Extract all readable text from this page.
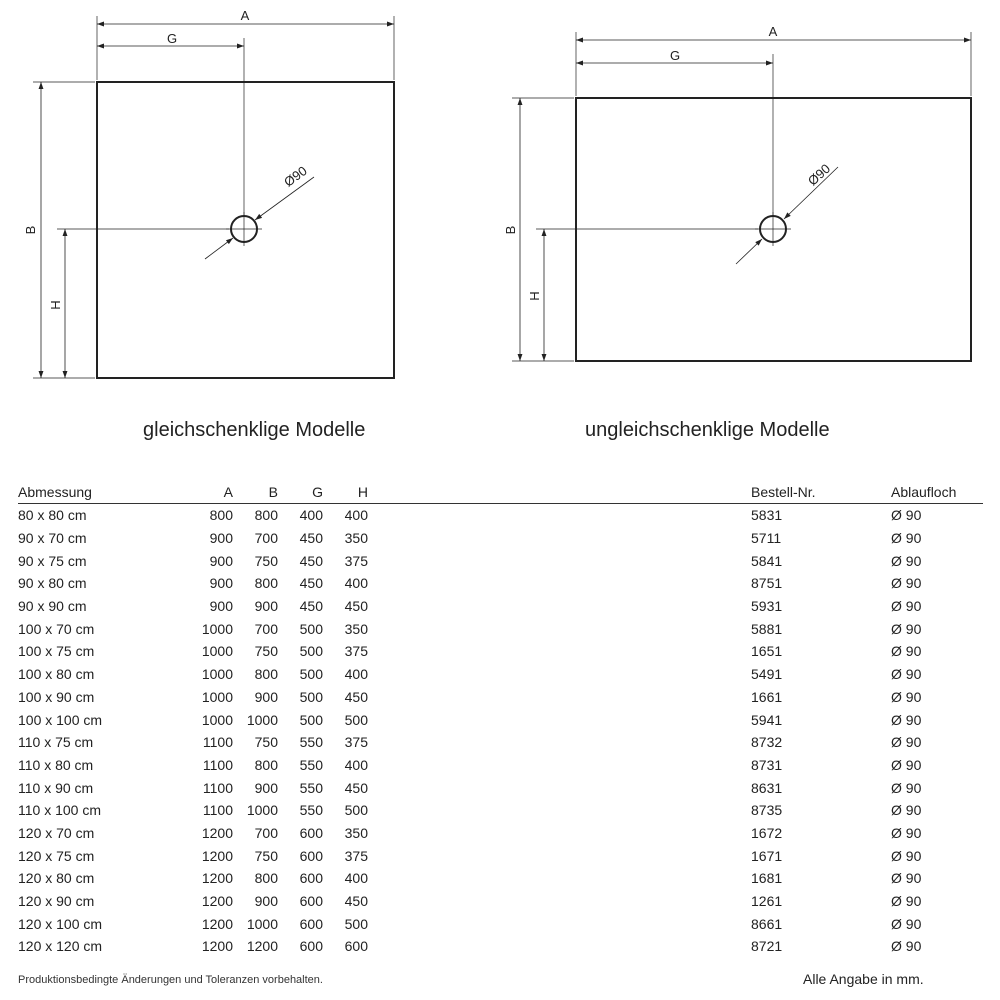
A
G
B
H
Ø90
A
G
B
H
Ø90
gleichschenklige Modelle	ungleichschenklige Modelle
Abmessung	A	B	G	H		Bestell-Nr.	Ablaufloch
80 x 80 cm	800	800	400	400		5831	Ø 90
90 x 70 cm	900	700	450	350		5711	Ø 90
90 x 75 cm	900	750	450	375		5841	Ø 90
90 x 80 cm	900	800	450	400		8751	Ø 90
90 x 90 cm	900	900	450	450		5931	Ø 90
100 x 70 cm	1000	700	500	350		5881	Ø 90
100 x 75 cm	1000	750	500	375		1651	Ø 90
100 x 80 cm	1000	800	500	400		5491	Ø 90
100 x 90 cm	1000	900	500	450		1661	Ø 90
100 x 100 cm	1000	1000	500	500		5941	Ø 90
110 x 75 cm	1100	750	550	375		8732	Ø 90
110 x 80 cm	1100	800	550	400		8731	Ø 90
110 x 90 cm	1100	900	550	450		8631	Ø 90
110 x 100 cm	1100	1000	550	500		8735	Ø 90
120 x 70 cm	1200	700	600	350		1672	Ø 90
120 x 75 cm	1200	750	600	375		1671	Ø 90
120 x 80 cm	1200	800	600	400		1681	Ø 90
120 x 90 cm	1200	900	600	450		1261	Ø 90
120 x 100 cm	1200	1000	600	500		8661	Ø 90
120 x 120 cm	1200	1200	600	600		8721	Ø 90
Produktionsbedingte Änderungen und Toleranzen vorbehalten.	Alle Angabe in mm.
